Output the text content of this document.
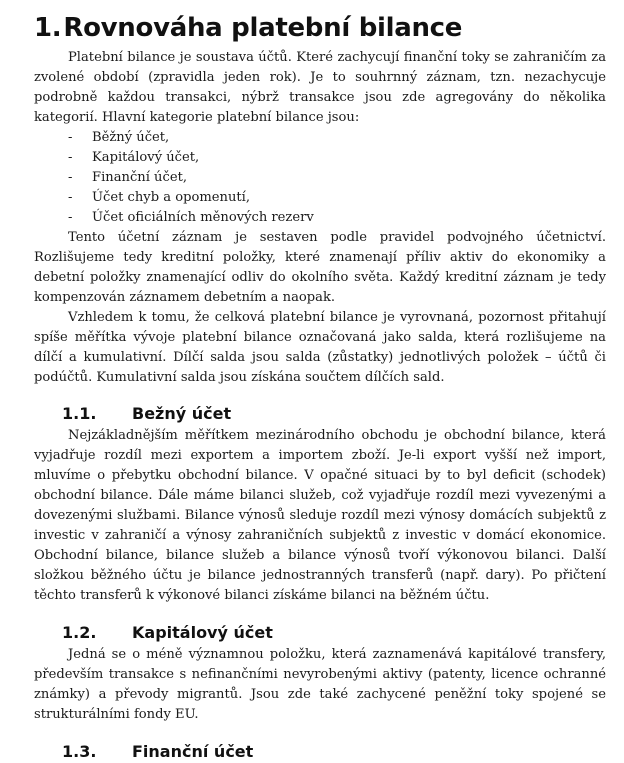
1.Rovnováha platební bilance

Platební bilance je soustava účtů. Které zachycují finanční toky se zahraničím za zvolené období (zpravidla jeden rok). Je to souhrnný záznam, tzn. nezachycuje podrobně každou transakci, nýbrž transakce jsou zde agregovány do několika kategorií. Hlavní kategorie platební bilance jsou:

- Běžný účet,
- Kapitálový účet,
- Finanční účet,
- Účet chyb a opomenutí,
- Účet oficiálních měnových rezerv

Tento účetní záznam je sestaven podle pravidel podvojného účetnictví. Rozlišujeme tedy kreditní položky, které znamenají příliv aktiv do ekonomiky a debetní položky znamenající odliv do okolního světa. Každý kreditní záznam je tedy kompenzován záznamem debetním a naopak.

Vzhledem k tomu, že celková platební bilance je vyrovnaná, pozornost přitahují spíše měřítka vývoje platební bilance označovaná jako salda, která rozlišujeme na dílčí a kumulativní. Dílčí salda jsou salda (zůstatky) jednotlivých položek – účtů či podúčtů. Kumulativní salda jsou získána součtem dílčích sald.

1.1. Bežný účet

Nejzákladnějším měřítkem mezinárodního obchodu je obchodní bilance, která vyjadřuje rozdíl mezi exportem a importem zboží. Je-li export vyšší než import, mluvíme o přebytku obchodní bilance. V opačné situaci by to byl deficit (schodek) obchodní bilance. Dále máme bilanci služeb, což vyjadřuje rozdíl mezi vyvezenými a dovezenými službami. Bilance výnosů sleduje rozdíl mezi výnosy domácích subjektů z investic v zahraničí a výnosy zahraničních subjektů z investic v domácí ekonomice. Obchodní bilance, bilance služeb a bilance výnosů tvoří výkonovou bilanci. Další složkou běžného účtu je bilance jednostranných transferů (např. dary). Po přičtení těchto transferů k výkonové bilanci získáme bilanci na běžném účtu.

1.2. Kapitálový účet

Jedná se o méně významnou položku, která zaznamenává kapitálové transfery, především transakce s nefinančními nevyrobenými aktivy (patenty, licence ochranné známky) a převody migrantů. Jsou zde také zachycené peněžní toky spojené se strukturálními fondy EU.

1.3. Finanční účet
